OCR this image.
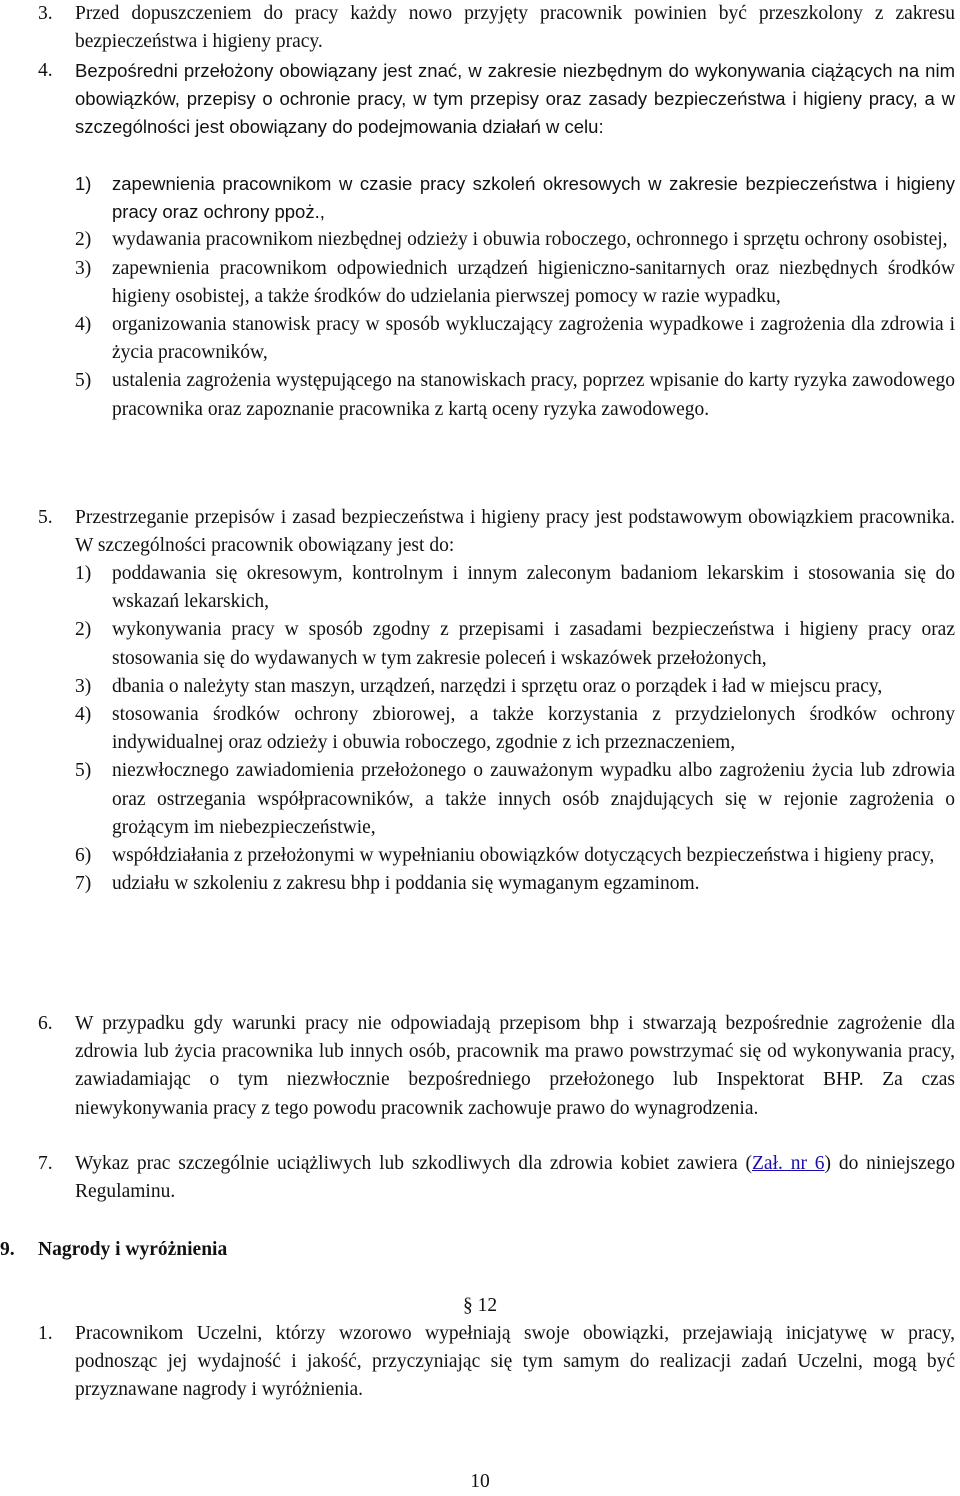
3. Przed dopuszczeniem do pracy każdy nowo przyjęty pracownik powinien być przeszkolony z zakresu bezpieczeństwa i higieny pracy.
4. Bezpośredni przełożony obowiązany jest znać, w zakresie niezbędnym do wykonywania ciążących na nim obowiązków, przepisy o ochronie pracy, w tym przepisy oraz zasady bezpieczeństwa i higieny pracy, a w szczególności jest obowiązany do podejmowania działań w celu:
1) zapewnienia pracownikom w czasie pracy szkoleń okresowych w zakresie bezpieczeństwa i higieny pracy oraz ochrony ppoż.,
2) wydawania pracownikom niezbędnej odzieży i obuwia roboczego, ochronnego i sprzętu ochrony osobistej,
3) zapewnienia pracownikom odpowiednich urządzeń higieniczno-sanitarnych oraz niezbędnych środków higieny osobistej, a także środków do udzielania pierwszej pomocy w razie wypadku,
4) organizowania stanowisk pracy w sposób wykluczający zagrożenia wypadkowe i zagrożenia dla zdrowia i życia pracowników,
5) ustalenia zagrożenia występującego na stanowiskach pracy, poprzez wpisanie do karty ryzyka zawodowego pracownika oraz zapoznanie pracownika z kartą oceny ryzyka zawodowego.
5. Przestrzeganie przepisów i zasad bezpieczeństwa i higieny pracy jest podstawowym obowiązkiem pracownika. W szczególności pracownik obowiązany jest do:
1) poddawania się okresowym, kontrolnym i innym zaleconym badaniom lekarskim i stosowania się do wskazań lekarskich,
2) wykonywania pracy w sposób zgodny z przepisami i zasadami bezpieczeństwa i higieny pracy oraz stosowania się do wydawanych w tym zakresie poleceń i wskazówek przełożonych,
3) dbania o należyty stan maszyn, urządzeń, narzędzi i sprzętu oraz o porządek i ład w miejscu pracy,
4) stosowania środków ochrony zbiorowej, a także korzystania z przydzielonych środków ochrony indywidualnej oraz odzieży i obuwia roboczego, zgodnie z ich przeznaczeniem,
5) niezwłocznego zawiadomienia przełożonego o zauważonym wypadku albo zagrożeniu życia lub zdrowia oraz ostrzegania współpracowników, a także innych osób znajdujących się w rejonie zagrożenia o grożącym im niebezpieczeństwie,
6) współdziałania z przełożonymi w wypełnianiu obowiązków dotyczących bezpieczeństwa i higieny pracy,
7) udziału w szkoleniu z zakresu bhp i poddania się wymaganym egzaminom.
6. W przypadku gdy warunki pracy nie odpowiadają przepisom bhp i stwarzają bezpośrednie zagrożenie dla zdrowia lub życia pracownika lub innych osób, pracownik ma prawo powstrzymać się od wykonywania pracy, zawiadamiając o tym niezwłocznie bezpośredniego przełożonego lub Inspektorat BHP. Za czas niewykonywania pracy z tego powodu pracownik zachowuje prawo do wynagrodzenia.
7. Wykaz prac szczególnie uciążliwych lub szkodliwych dla zdrowia kobiet zawiera (Zał. nr 6) do niniejszego Regulaminu.
9. Nagrody i wyróżnienia
§ 12
1. Pracownikom Uczelni, którzy wzorowo wypełniają swoje obowiązki, przejawiają inicjatywę w pracy, podnosząc jej wydajność i jakość, przyczyniając się tym samym do realizacji zadań Uczelni, mogą być przyznawane nagrody i wyróżnienia.
10
